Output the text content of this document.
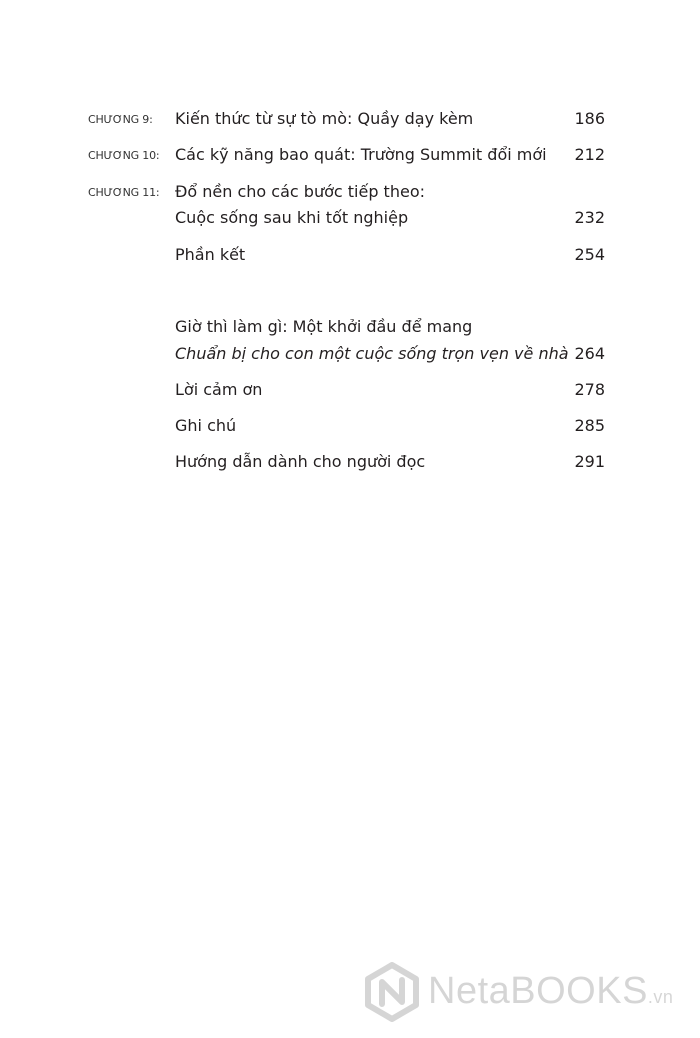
CHƯƠNG 9: Kiến thức từ sự tò mò: Quầy dạy kèm	186
CHƯƠNG 10: Các kỹ năng bao quát: Trường Summit đổi mới 212
CHƯƠNG 11: Đổ nền cho các bước tiếp theo:
Cuộc sống sau khi tốt nghiệp	232
Phần kết	254
Giờ thì làm gì: Một khởi đầu để mang
Chuẩn bị cho con một cuộc sống trọn vẹn về nhà 264
Lời cảm ơn	278
Ghi chú	285
Hướng dẫn dành cho người đọc	291
NetaBOOKS.vn
